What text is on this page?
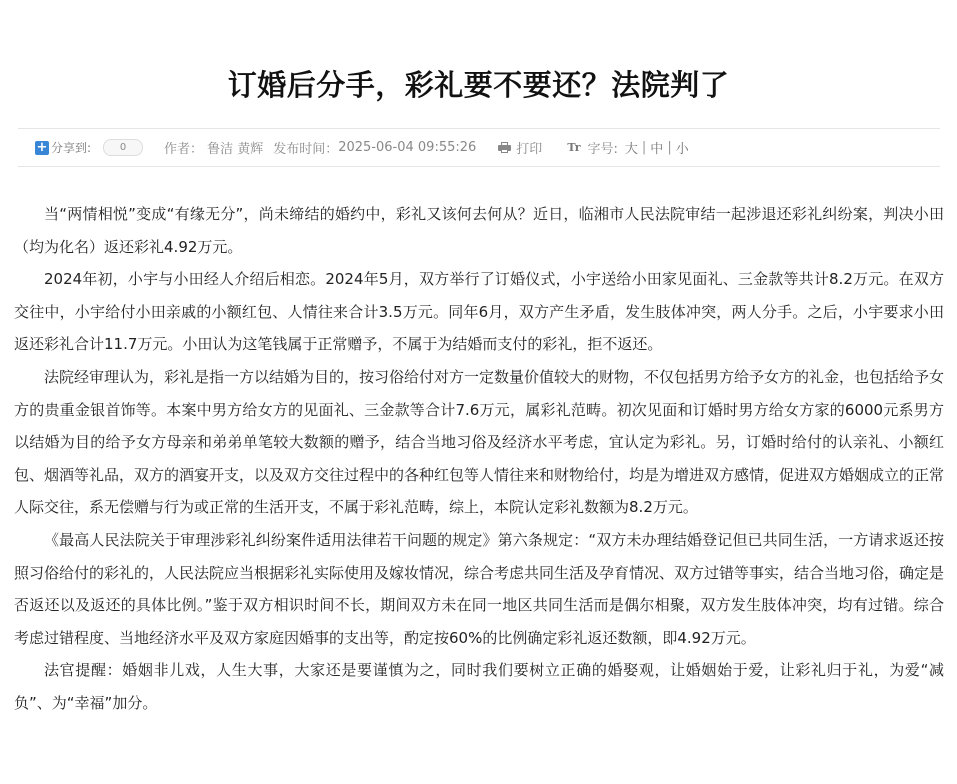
订婚后分手，彩礼要不要还？法院判了
+ 分享到:	0	作者： 鲁洁 黄辉 发布时间： 2025-06-04 09:55:26	打印 Tr 字号: 大 | 中 | 小

当“两情相悦”变成“有缘无分”，尚未缔结的婚约中，彩礼又该何去何从？近日，临湘市人民法院审结一起涉退还彩礼纠纷案，判决小田（均为化名）返还彩礼4.92万元。

2024年初，小宇与小田经人介绍后相恋。2024年5月，双方举行了订婚仪式，小宇送给小田家见面礼、三金款等共计8.2万元。在双方交往中，小宇给付小田亲戚的小额红包、人情往来合计3.5万元。同年6月，双方产生矛盾，发生肢体冲突，两人分手。之后，小宇要求小田返还彩礼合计11.7万元。小田认为这笔钱属于正常赠予，不属于为结婚而支付的彩礼，拒不返还。

法院经审理认为，彩礼是指一方以结婚为目的，按习俗给付对方一定数量价值较大的财物，不仅包括男方给予女方的礼金，也包括给予女方的贵重金银首饰等。本案中男方给女方的见面礼、三金款等合计7.6万元，属彩礼范畴。初次见面和订婚时男方给女方家的6000元系男方以结婚为目的给予女方母亲和弟弟单笔较大数额的赠予，结合当地习俗及经济水平考虑，宜认定为彩礼。另，订婚时给付的认亲礼、小额红包、烟酒等礼品，双方的酒宴开支，以及双方交往过程中的各种红包等人情往来和财物给付，均是为增进双方感情，促进双方婚姻成立的正常人际交往，系无偿赠与行为或正常的生活开支，不属于彩礼范畴，综上，本院认定彩礼数额为8.2万元。

《最高人民法院关于审理涉彩礼纠纷案件适用法律若干问题的规定》第六条规定：“双方未办理结婚登记但已共同生活，一方请求返还按照习俗给付的彩礼的，人民法院应当根据彩礼实际使用及嫁妆情况，综合考虑共同生活及孕育情况、双方过错等事实，结合当地习俗，确定是否返还以及返还的具体比例。”鉴于双方相识时间不长，期间双方未在同一地区共同生活而是偶尔相聚，双方发生肢体冲突，均有过错。综合考虑过错程度、当地经济水平及双方家庭因婚事的支出等，酌定按60%的比例确定彩礼返还数额，即4.92万元。

法官提醒：婚姻非儿戏，人生大事，大家还是要谨慎为之，同时我们要树立正确的婚娶观，让婚姻始于爱，让彩礼归于礼，为爱“减负”、为“幸福”加分。
